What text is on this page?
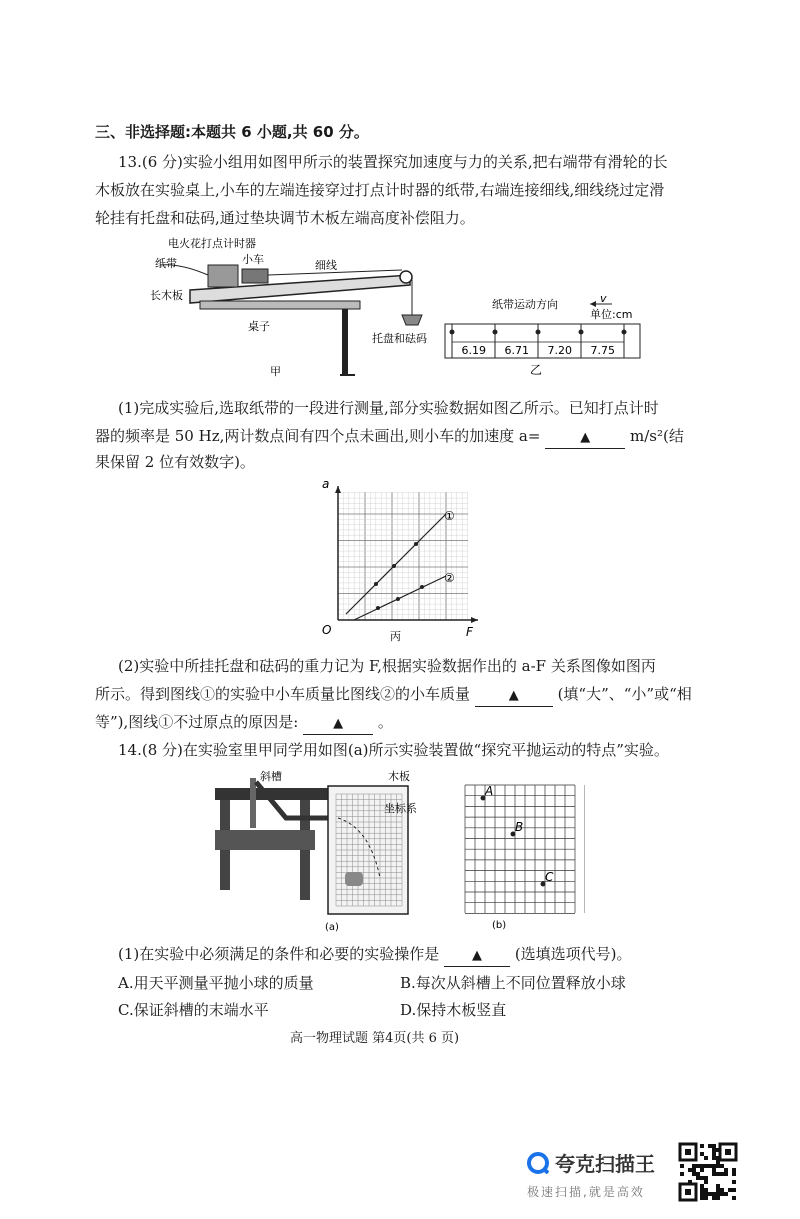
三、非选择题:本题共 6 小题,共 60 分。
13.(6 分)实验小组用如图甲所示的装置探究加速度与力的关系,把右端带有滑轮的长
木板放在实验桌上,小车的左端连接穿过打点计时器的纸带,右端连接细线,细线绕过定滑
轮挂有托盘和砝码,通过垫块调节木板左端高度补偿阻力。
电火花打点计时器
纸带	小车	细线
长木板
桌子
托盘和砝码
甲
纸带运动方向	v
单位:cm
6.19 6.71 7.20 7.75
乙
(1)完成实验后,选取纸带的一段进行测量,部分实验数据如图乙所示。已知打点计时
器的频率是 50 Hz,两计数点间有四个点未画出,则小车的加速度 a=	▲	m/s²(结
果保留 2 位有效数字)。
a
F
O
①
②
丙
(2)实验中所挂托盘和砝码的重力记为 F,根据实验数据作出的 a-F 关系图像如图丙
所示。得到图线①的实验中小车质量比图线②的小车质量	▲	(填“大”、“小”或“相
等”),图线①不过原点的原因是:	▲ 。
14.(8 分)在实验室里甲同学用如图(a)所示实验装置做“探究平抛运动的特点”实验。
斜槽	木板
坐标系
(a)
A
B
C
(b)
(1)在实验中必须满足的条件和必要的实验操作是	▲ (选填选项代号)。
A.用天平测量平抛小球的质量	B.每次从斜槽上不同位置释放小球
C.保证斜槽的末端水平	D.保持木板竖直
高一物理试题 第4页(共 6 页)
夸克扫描王
极速扫描,就是高效
